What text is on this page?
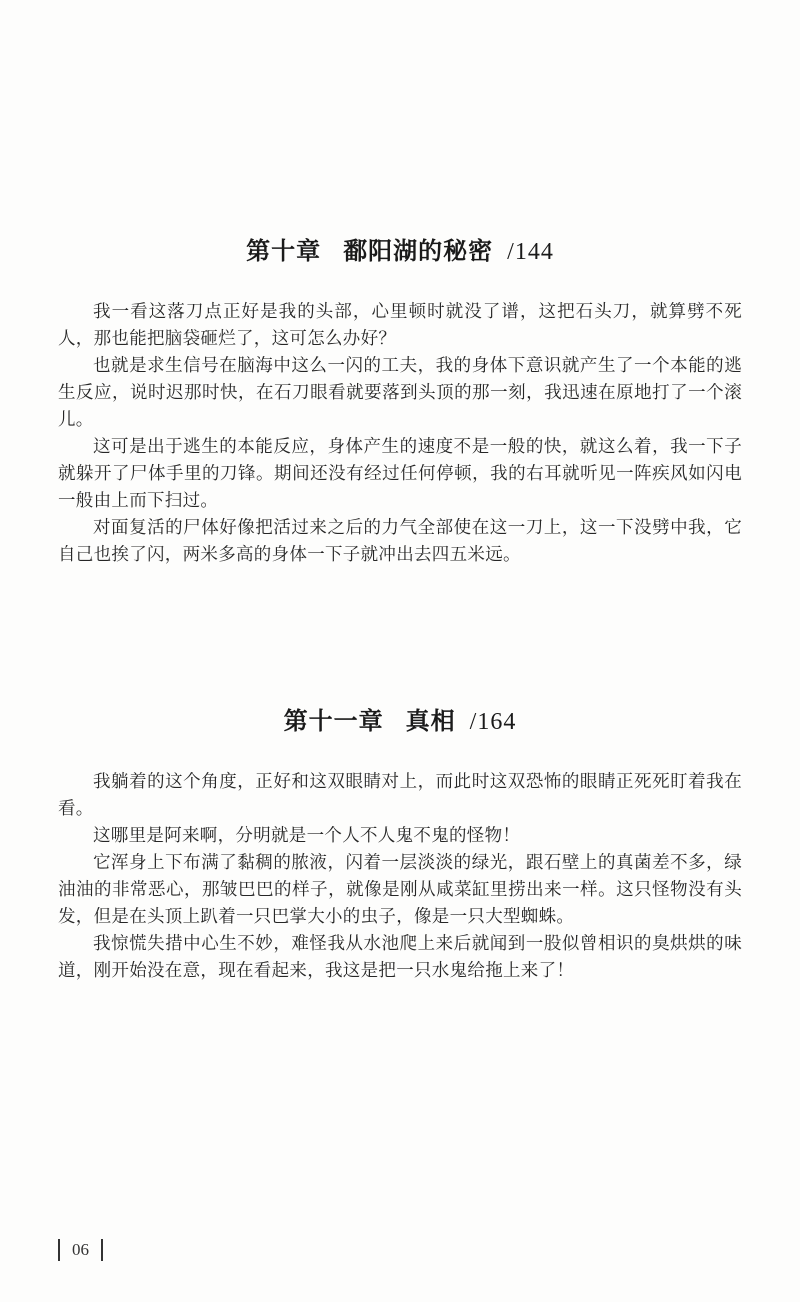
第十章 鄱阳湖的秘密 /144

我一看这落刀点正好是我的头部，心里顿时就没了谱，这把石头刀，就算劈不死人，那也能把脑袋砸烂了，这可怎么办好？

也就是求生信号在脑海中这么一闪的工夫，我的身体下意识就产生了一个本能的逃生反应，说时迟那时快，在石刀眼看就要落到头顶的那一刻，我迅速在原地打了一个滚儿。

这可是出于逃生的本能反应，身体产生的速度不是一般的快，就这么着，我一下子就躲开了尸体手里的刀锋。期间还没有经过任何停顿，我的右耳就听见一阵疾风如闪电一般由上而下扫过。

对面复活的尸体好像把活过来之后的力气全部使在这一刀上，这一下没劈中我，它自己也挨了闪，两米多高的身体一下子就冲出去四五米远。

第十一章 真相 /164

我躺着的这个角度，正好和这双眼睛对上，而此时这双恐怖的眼睛正死死盯着我在看。

这哪里是阿来啊，分明就是一个人不人鬼不鬼的怪物！

它浑身上下布满了黏稠的脓液，闪着一层淡淡的绿光，跟石壁上的真菌差不多，绿油油的非常恶心，那皱巴巴的样子，就像是刚从咸菜缸里捞出来一样。这只怪物没有头发，但是在头顶上趴着一只巴掌大小的虫子，像是一只大型蜘蛛。

我惊慌失措中心生不妙，难怪我从水池爬上来后就闻到一股似曾相识的臭烘烘的味道，刚开始没在意，现在看起来，我这是把一只水鬼给拖上来了！

06
